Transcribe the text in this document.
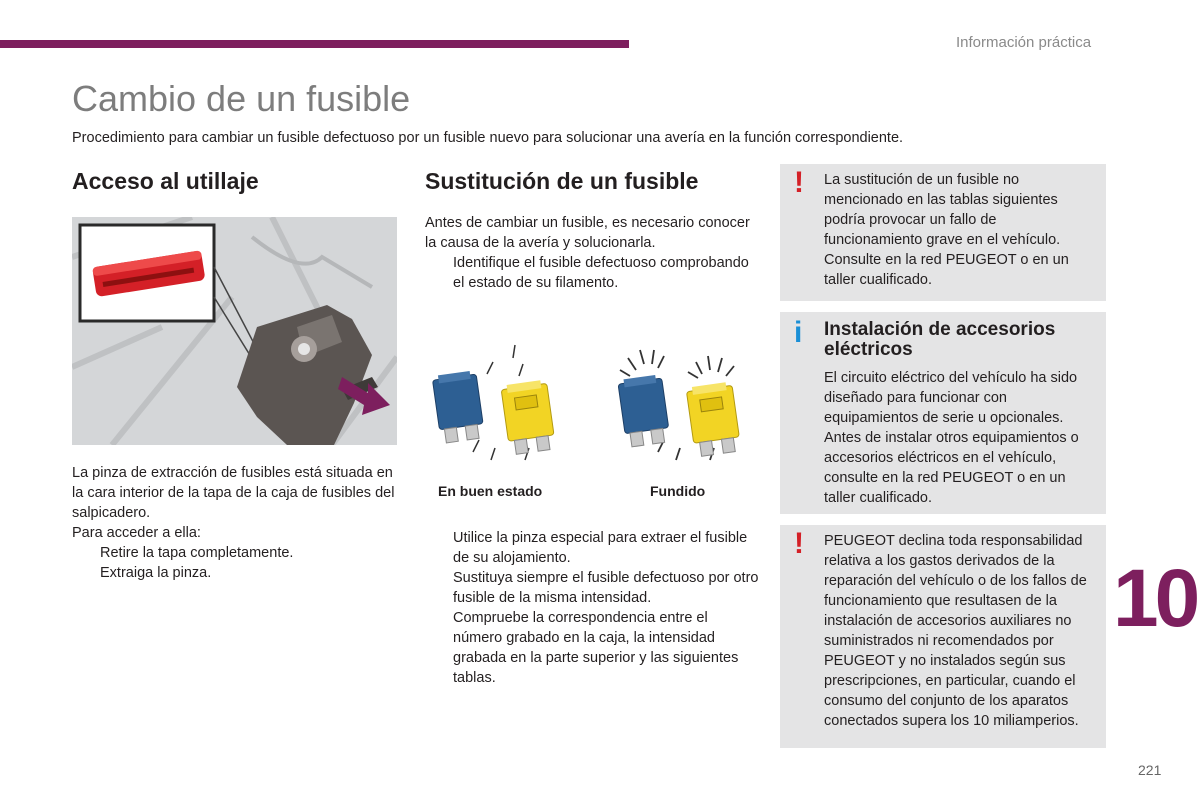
Información práctica
Cambio de un fusible
Procedimiento para cambiar un fusible defectuoso por un fusible nuevo para solucionar una avería en la función correspondiente.
Acceso al utillaje

La pinza de extracción de fusibles está situada en la cara interior de la tapa de la caja de fusibles del salpicadero.

Para acceder a ella:

Retire la tapa completamente.
Extraiga la pinza.
Sustitución de un fusible

Antes de cambiar un fusible, es necesario conocer la causa de la avería y solucionarla.

Identifique el fusible defectuoso comprobando el estado de su filamento.
En buen estado	Fundido
Utilice la pinza especial para extraer el fusible de su alojamiento.
Sustituya siempre el fusible defectuoso por otro fusible de la misma intensidad.
Compruebe la correspondencia entre el número grabado en la caja, la intensidad grabada en la parte superior y las siguientes tablas.
! La sustitución de un fusible no mencionado en las tablas siguientes podría provocar un fallo de funcionamiento grave en el vehículo. Consulte en la red PEUGEOT o en un taller cualificado.
i Instalación de accesorios eléctricos
El circuito eléctrico del vehículo ha sido diseñado para funcionar con equipamientos de serie u opcionales. Antes de instalar otros equipamientos o accesorios eléctricos en el vehículo, consulte en la red PEUGEOT o en un taller cualificado.
! PEUGEOT declina toda responsabilidad relativa a los gastos derivados de la reparación del vehículo o de los fallos de funcionamiento que resultasen de la instalación de accesorios auxiliares no suministrados ni recomendados por PEUGEOT y no instalados según sus prescripciones, en particular, cuando el consumo del conjunto de los aparatos conectados supera los 10 miliamperios.
10
221
